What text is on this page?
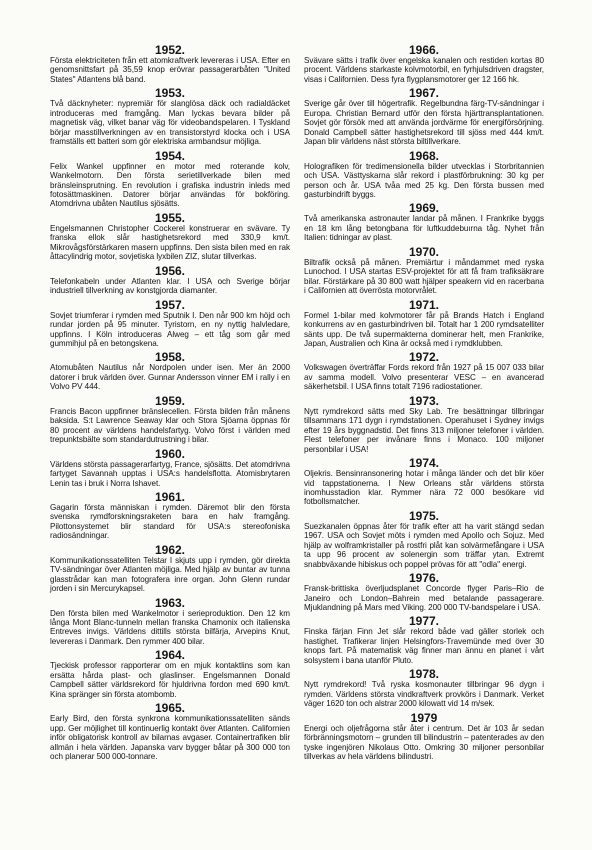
1952.

Första elektriciteten från ett atomkraftverk levereras i USA. Efter en genomsnittsfart på 35,59 knop erövrar passagerarbåten "United States" Atlantens blå band.

1953.

Två däcknyheter: nypremiär för slanglösa däck och radialdäcket introduceras med framgång. Man lyckas bevara bilder på magnetisk väg, vilket banar väg för videobandspelaren. I Tyskland börjar masstillverkningen av en transistorstyrd klocka och i USA framställs ett batteri som gör elektriska armbandsur möjliga.

1954.

Felix Wankel uppfinner en motor med roterande kolv, Wankelmotorn. Den första serietillverkade bilen med bränsleinsprutning. En revolution i grafiska industrin inleds med fotosättmaskinen. Datorer börjar användas för bokföring. Atomdrivna ubåten Nautilus sjösätts.

1955.

Engelsmannen Christopher Cockerel konstruerar en svävare. Ty franska ellok slår hastighetsrekord med 330,9 km/t. Mikrovågsförstärkaren masern uppfinns. Den sista bilen med en rak åttacylindrig motor, sovjetiska lyxbilen ZIZ, slutar tillverkas.

1956.

Telefonkabeln under Atlanten klar. I USA och Sverige börjar industriell tillverkning av konstgjorda diamanter.

1957.

Sovjet triumferar i rymden med Sputnik I. Den når 900 km höjd och rundar jorden på 95 minuter. Tyristorn, en ny nyttig halvledare, uppfinns. I Köln introduceras Alweg – ett tåg som går med gummihjul på en betongskena.

1958.

Atomubåten Nautilus når Nordpolen under isen. Mer än 2000 datorer i bruk världen över. Gunnar Andersson vinner EM i rally i en Volvo PV 444.

1959.

Francis Bacon uppfinner bränslecellen. Första bilden från månens baksida. S:t Lawrence Seaway klar och Stora Sjöarna öppnas för 80 procent av världens handelsfartyg. Volvo först i världen med trepunktsbälte som standardutrustning i bilar.

1960.

Världens största passagerarfartyg, France, sjösätts. Det atomdrivna fartyget Savannah upptas i USA:s handelsflotta. Atomisbrytaren Lenin tas i bruk i Norra Ishavet.

1961.

Gagarin första människan i rymden. Däremot blir den första svenska rymdforskningsraketen bara en halv framgång. Pilottonsystemet blir standard för USA:s stereofoniska radiosändningar.

1962.

Kommunikationssatelliten Telstar I skjuts upp i rymden, gör direkta TV-sändningar över Atlanten möjliga. Med hjälp av buntar av tunna glasstrådar kan man fotografera inre organ. John Glenn rundar jorden i sin Mercurykapsel.

1963.

Den första bilen med Wankelmotor i serieproduktion. Den 12 km långa Mont Blanc-tunneln mellan franska Chamonix och italienska Entreves invigs. Världens dittills största bilfärja, Arvepins Knut, levereras i Danmark. Den rymmer 400 bilar.

1964.

Tjeckisk professor rapporterar om en mjuk kontaktlins som kan ersätta hårda plast- och glaslinser. Engelsmannen Donald Campbell sätter världsrekord för hjuldrivna fordon med 690 km/t. Kina spränger sin första atombomb.

1965.

Early Bird, den första synkrona kommunikationssatelliten sänds upp. Ger möjlighet till kontinuerlig kontakt över Atlanten. Californien inför obligatorisk kontroll av bilarnas avgaser. Containertrafiken blir allmän i hela världen. Japanska varv bygger båtar på 300 000 ton och planerar 500 000-tonnare.

1966.

Svävare sätts i trafik över engelska kanalen och restiden kortas 80 procent. Världens starkaste kolvmotorbil, en fyrhjulsdriven dragster, visas i Californien. Dess fyra flygplansmotorer ger 12 166 hk.

1967.

Sverige går över till högertrafik. Regelbundna färg-TV-sändningar i Europa. Christian Bernard utför den första hjärttransplantationen. Sovjet gör försök med att använda jordvärme för energiförsörjning. Donald Campbell sätter hastighetsrekord till sjöss med 444 km/t. Japan blir världens näst största biltillverkare.

1968.

Holografiken för tredimensionella bilder utvecklas i Storbritannien och USA. Västtyskarna slår rekord i plastförbrukning: 30 kg per person och år. USA tvåa med 25 kg. Den första bussen med gasturbindrift byggs.

1969.

Två amerikanska astronauter landar på månen. I Frankrike byggs en 18 km lång betongbana för luftkuddebuırna tåg. Nyhet från Italien: tidningar av plast.

1970.

Biltrafik också på månen. Premiärtur i måndammet med ryska Lunochod. I USA startas ESV-projektet för att få fram trafiksäkrare bilar. Förstärkare på 30 800 watt hjälper speakern vid en racerbana i Californien att överrösta motorvrålet.

1971.

Formel 1-bilar med kolvmotorer får på Brands Hatch i England konkurrens av en gasturbindriven bil. Totalt har 1 200 rymdsatelliter sänts upp. De två supermakterna dominerar helt, men Frankrike, Japan, Australien och Kina är också med i rymdklubben.

1972.

Volkswagen överträffar Fords rekord från 1927 på 15 007 033 bilar av samma modell. Volvo presenterar VESC – en avancerad säkerhetsbil. I USA finns totalt 7196 radiostationer.

1973.

Nytt rymdrekord sätts med Sky Lab. Tre besättningar tillbringar tillsammans 171 dygn i rymdstationen. Operahuset i Sydney invigs efter 19 års byggnadstid. Det finns 313 miljoner telefoner i världen. Flest telefoner per invånare finns i Monaco. 100 miljoner personbilar i USA!

1974.

Oljekris. Bensinransonering hotar i många länder och det blir köer vid tappstationerna. I New Orleans står världens största inomhusstadion klar. Rymmer nära 72 000 besökare vid fotbollsmatcher.

1975.

Suezkanalen öppnas åter för trafik efter att ha varit stängd sedan 1967. USA och Sovjet möts i rymden med Apollo och Sojuz. Med hjälp av wolframkristaller på rostfri plåt kan solvärmefångare i USA ta upp 96 procent av solenergin som träffar ytan. Extremt snabbväxande hibiskus och poppel prövas för att "odla" energi.

1976.

Fransk-brittiska överljudsplanet Concorde flyger Paris–Rio de Janeiro och London–Bahrein med betalande passagerare. Mjuklandning på Mars med Viking. 200 000 TV-bandspelare i USA.

1977.

Finska färjan Finn Jet slår rekord både vad gäller storlek och hastighet. Trafikerar linjen Helsingfors-Travemünde med över 30 knops fart. På matematisk väg finner man ännu en planet i vårt solsystem i bana utanför Pluto.

1978.

Nytt rymdrekord! Två ryska kosmonauter tillbringar 96 dygn i rymden. Världens största vindkraftverk provkörs i Danmark. Verket väger 1620 ton och alstrar 2000 kilowatt vid 14 m/sek.

1979

Energi och oljefrågorna står åter i centrum. Det är 103 år sedan förbränningsmotorn – grunden till bilindustrin – patenterades av den tyske ingenjören Nikolaus Otto. Omkring 30 miljoner personbilar tillverkas av hela världens bilindustri.
